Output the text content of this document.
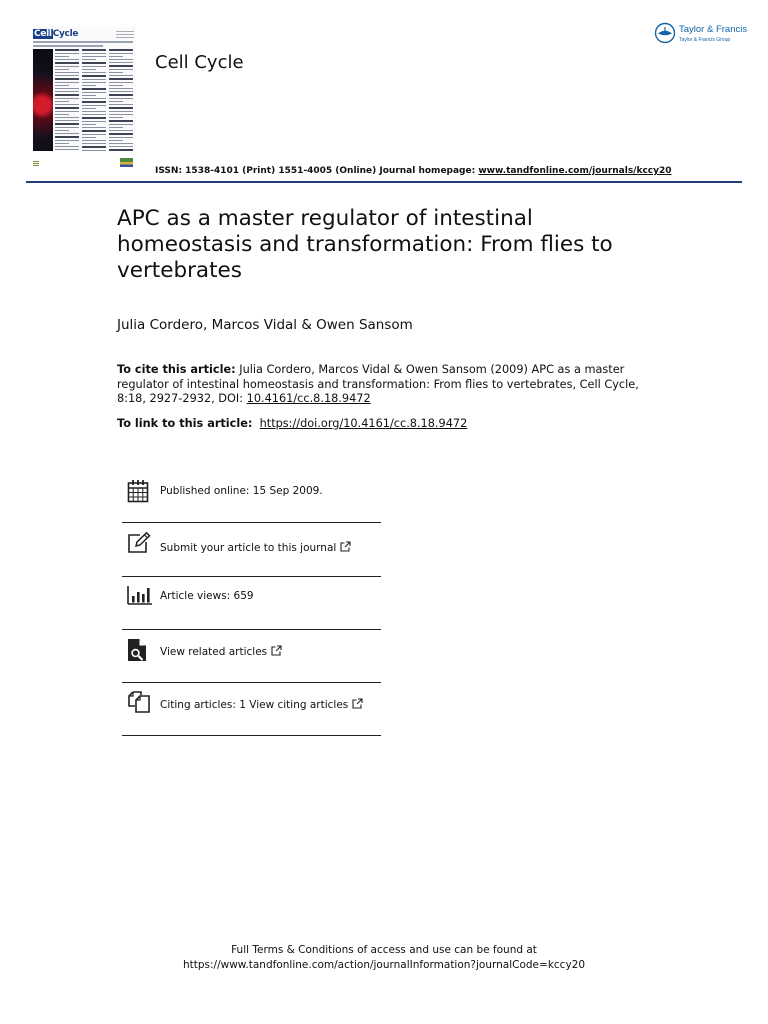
CellCycle
Cell Cycle
ISSN: 1538-4101 (Print) 1551-4005 (Online) Journal homepage: www.tandfonline.com/journals/kccy20
Taylor & Francis
Taylor & Francis Group
APC as a master regulator of intestinal homeostasis and transformation: From flies to vertebrates
Julia Cordero, Marcos Vidal & Owen Sansom
To cite this article: Julia Cordero, Marcos Vidal & Owen Sansom (2009) APC as a master regulator of intestinal homeostasis and transformation: From flies to vertebrates, Cell Cycle, 8:18, 2927-2932, DOI: 10.4161/cc.8.18.9472
To link to this article: https://doi.org/10.4161/cc.8.18.9472
Published online: 15 Sep 2009.
Submit your article to this journal
Article views: 659
View related articles
Citing articles: 1 View citing articles
Full Terms & Conditions of access and use can be found at
https://www.tandfonline.com/action/journalInformation?journalCode=kccy20
